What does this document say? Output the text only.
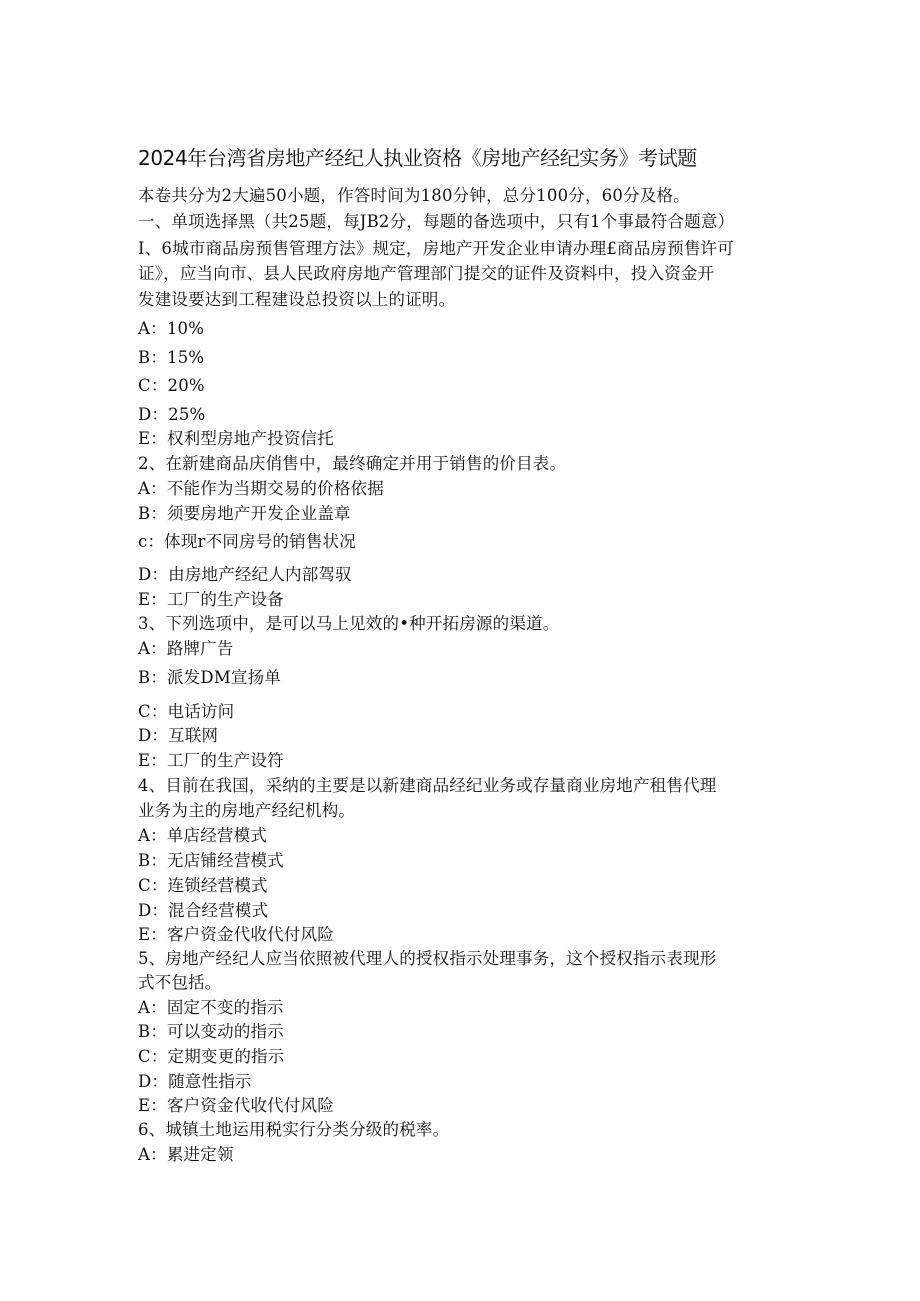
2024年台湾省房地产经纪人执业资格《房地产经纪实务》考试题
本卷共分为2大遍50小题，作答时间为180分钟，总分100分，60分及格。
一、单项选择黑（共25题，每JB2分，每题的备选项中，只有1个事最符合题意）
I、6城市商品房预售管理方法》规定，房地产开发企业申请办理£商品房预售许可
证》，应当向市、县人民政府房地产管理部门提交的证件及资料中，投入资金开
发建设要达到工程建设总投资以上的证明。
A：10%
B：15%
C：20%
D：25%
E：权利型房地产投资信托
2、在新建商品庆俏售中，最终确定并用于销售的价目表。
A：不能作为当期交易的价格依据
B：须要房地产开发企业盖章
c：体现r不同房号的销售状况
D：由房地产经纪人内部驾驭
E：工厂的生产设备
3、下列选项中，是可以马上见效的•种开拓房源的渠道。
A：路牌广告
B：派发DM宣扬单
C：电话访问
D：互联网
E：工厂的生产设符
4、目前在我国，采纳的主要是以新建商品经纪业务或存量商业房地产租售代理
业务为主的房地产经纪机构。
A：单店经营模式
B：无店铺经营模式
C：连锁经营模式
D：混合经营模式
E：客户资金代收代付风险
5、房地产经纪人应当依照被代理人的授权指示处理事务，这个授权指示表现形
式不包括。
A：固定不变的指示
B：可以变动的指示
C：定期变更的指示
D：随意性指示
E：客户资金代收代付风险
6、城镇土地运用税实行分类分级的税率。
A：累进定领
